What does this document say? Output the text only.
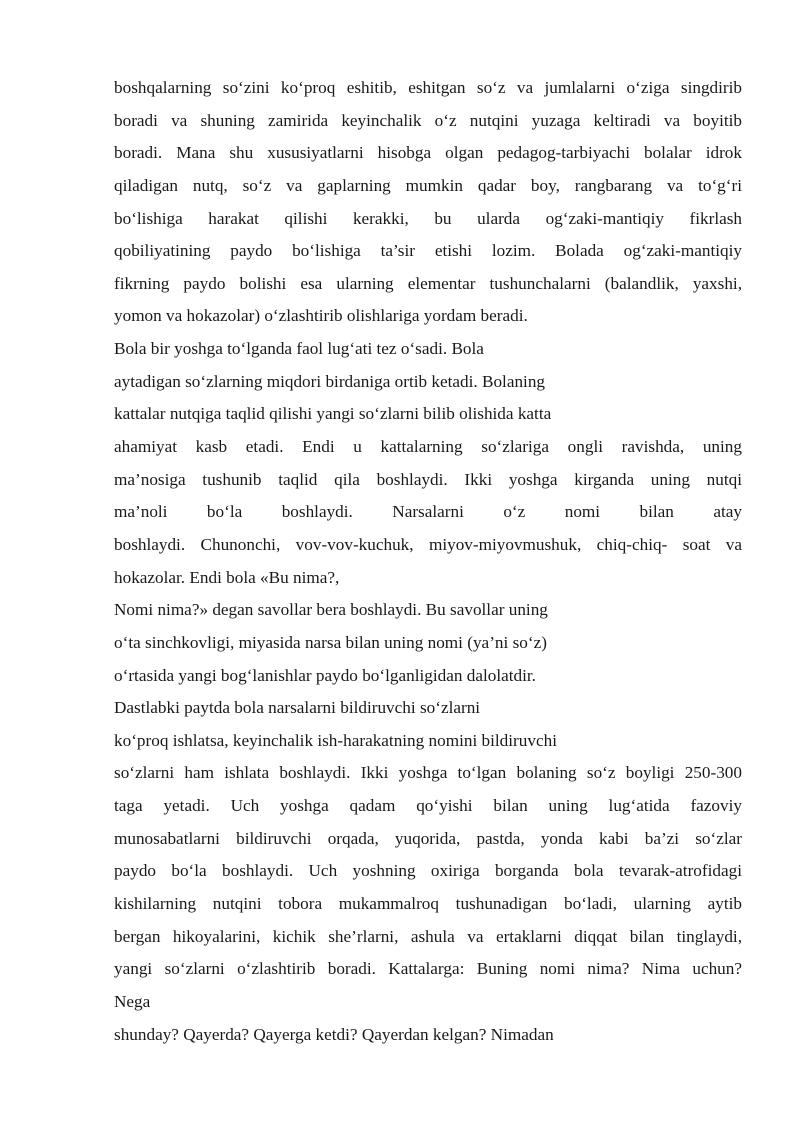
boshqalarning so‘zini ko‘proq eshitib, eshitgan so‘z va jumlalarni o‘ziga singdirib
boradi va shuning zamirida keyinchalik o‘z nutqini yuzaga keltiradi va boyitib
boradi. Mana shu xususiyatlarni hisobga olgan pedagog-tarbiyachi bolalar idrok
qiladigan nutq, so‘z va gaplarning mumkin qadar boy, rangbarang va to‘g‘ri
bo‘lishiga harakat qilishi kerakki, bu ularda og‘zaki-mantiqiy fikrlash
qobiliyatining paydo bo‘lishiga ta’sir etishi lozim. Bolada og‘zaki-mantiqiy
fikrning paydo bolishi esa ularning elementar tushunchalarni (balandlik, yaxshi,
yomon va hokazolar) o‘zlashtirib olishlariga yordam beradi.
Bola bir yoshga to‘lganda faol lug‘ati tez o‘sadi. Bola
aytadigan so‘zlarning miqdori birdaniga ortib ketadi. Bolaning
kattalar nutqiga taqlid qilishi yangi so‘zlarni bilib olishida katta
ahamiyat kasb etadi. Endi u kattalarning so‘zlariga ongli ravishda, uning
ma’nosiga tushunib taqlid qila boshlaydi. Ikki yoshga kirganda uning nutqi
ma’noli bo‘la boshlaydi. Narsalarni o‘z nomi bilan atay
boshlaydi. Chunonchi, vov-vov-kuchuk, miyov-miyovmushuk, chiq-chiq- soat va
hokazolar. Endi bola «Bu nima?,
Nomi nima?» degan savollar bera boshlaydi. Bu savollar uning
o‘ta sinchkovligi, miyasida narsa bilan uning nomi (ya’ni so‘z)
o‘rtasida yangi bog‘lanishlar paydo bo‘lganligidan dalolatdir.
Dastlabki paytda bola narsalarni bildiruvchi so‘zlarni
ko‘proq ishlatsa, keyinchalik ish-harakatning nomini bildiruvchi
so‘zlarni ham ishlata boshlaydi. Ikki yoshga to‘lgan bolaning so‘z boyligi 250-300
taga yetadi. Uch yoshga qadam qo‘yishi bilan uning lug‘atida fazoviy
munosabatlarni bildiruvchi orqada, yuqorida, pastda, yonda kabi ba’zi so‘zlar
paydo bo‘la boshlaydi. Uch yoshning oxiriga borganda bola tevarak-atrofidagi
kishilarning nutqini tobora mukammalroq tushunadigan bo‘ladi, ularning aytib
bergan hikoyalarini, kichik she’rlarni, ashula va ertaklarni diqqat bilan tinglaydi,
yangi so‘zlarni o‘zlashtirib boradi. Kattalarga: Buning nomi nima? Nima uchun?
Nega
shunday? Qayerda? Qayerga ketdi? Qayerdan kelgan? Nimadan
